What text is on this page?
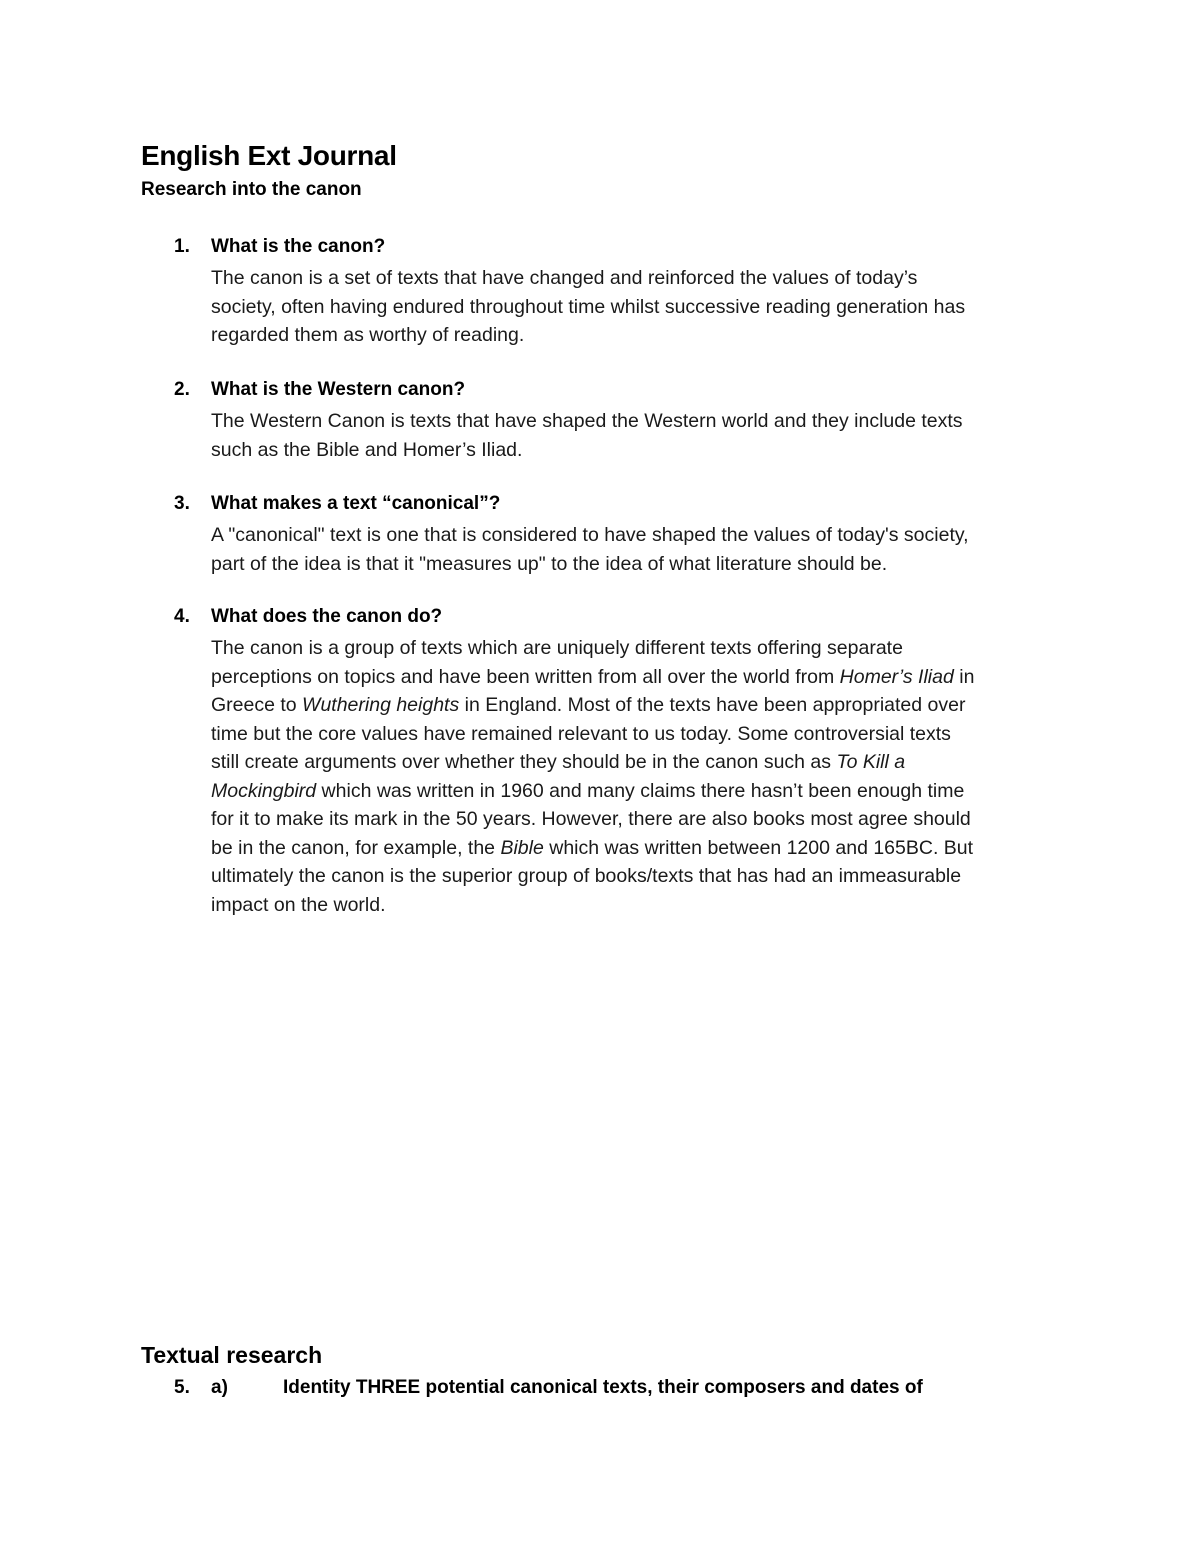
English Ext Journal
Research into the canon
1. What is the canon?
The canon is a set of texts that have changed and reinforced the values of today’s
society, often having endured throughout time whilst successive reading generation has
regarded them as worthy of reading.
2. What is the Western canon?
The Western Canon is texts that have shaped the Western world and they include texts
such as the Bible and Homer’s Iliad.
3. What makes a text “canonical”?
A "canonical" text is one that is considered to have shaped the values of today's society,
part of the idea is that it "measures up" to the idea of what literature should be.
4. What does the canon do?
The canon is a group of texts which are uniquely different texts offering separate
perceptions on topics and have been written from all over the world from Homer’s Iliad in
Greece to Wuthering heights in England. Most of the texts have been appropriated over
time but the core values have remained relevant to us today. Some controversial texts
still create arguments over whether they should be in the canon such as To Kill a
Mockingbird which was written in 1960 and many claims there hasn’t been enough time
for it to make its mark in the 50 years. However, there are also books most agree should
be in the canon, for example, the Bible which was written between 1200 and 165BC. But
ultimately the canon is the superior group of books/texts that has had an immeasurable
impact on the world.
Textual research
5. a)	Identity THREE potential canonical texts, their composers and dates of
